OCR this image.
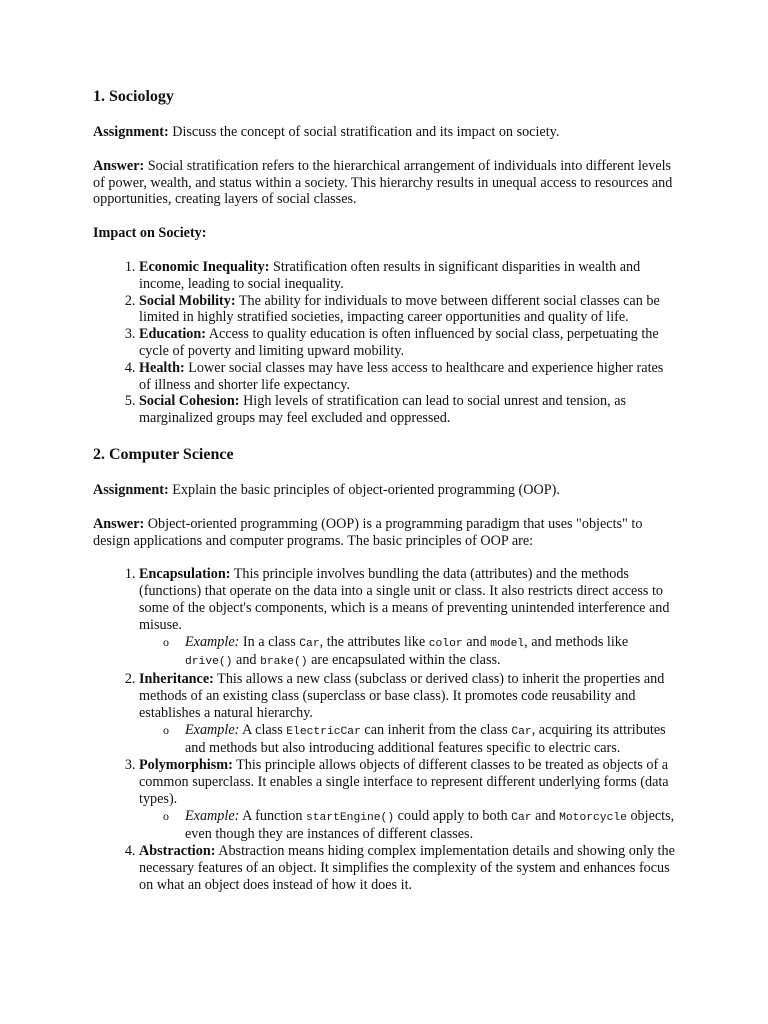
1. Sociology

Assignment: Discuss the concept of social stratification and its impact on society.

Answer: Social stratification refers to the hierarchical arrangement of individuals into different levels of power, wealth, and status within a society. This hierarchy results in unequal access to resources and opportunities, creating layers of social classes.

Impact on Society:

1. Economic Inequality: Stratification often results in significant disparities in wealth and income, leading to social inequality.
2. Social Mobility: The ability for individuals to move between different social classes can be limited in highly stratified societies, impacting career opportunities and quality of life.
3. Education: Access to quality education is often influenced by social class, perpetuating the cycle of poverty and limiting upward mobility.
4. Health: Lower social classes may have less access to healthcare and experience higher rates of illness and shorter life expectancy.
5. Social Cohesion: High levels of stratification can lead to social unrest and tension, as marginalized groups may feel excluded and oppressed.
2. Computer Science

Assignment: Explain the basic principles of object-oriented programming (OOP).

Answer: Object-oriented programming (OOP) is a programming paradigm that uses "objects" to design applications and computer programs. The basic principles of OOP are:

1. Encapsulation: This principle involves bundling the data (attributes) and the methods (functions) that operate on the data into a single unit or class. It also restricts direct access to some of the object's components, which is a means of preventing unintended interference and misuse.
o Example: In a class Car, the attributes like color and model, and methods like drive() and brake() are encapsulated within the class.
2. Inheritance: This allows a new class (subclass or derived class) to inherit the properties and methods of an existing class (superclass or base class). It promotes code reusability and establishes a natural hierarchy.
o Example: A class ElectricCar can inherit from the class Car, acquiring its attributes and methods but also introducing additional features specific to electric cars.
3. Polymorphism: This principle allows objects of different classes to be treated as objects of a common superclass. It enables a single interface to represent different underlying forms (data types).
o Example: A function startEngine() could apply to both Car and Motorcycle objects, even though they are instances of different classes.
4. Abstraction: Abstraction means hiding complex implementation details and showing only the necessary features of an object. It simplifies the complexity of the system and enhances focus on what an object does instead of how it does it.
